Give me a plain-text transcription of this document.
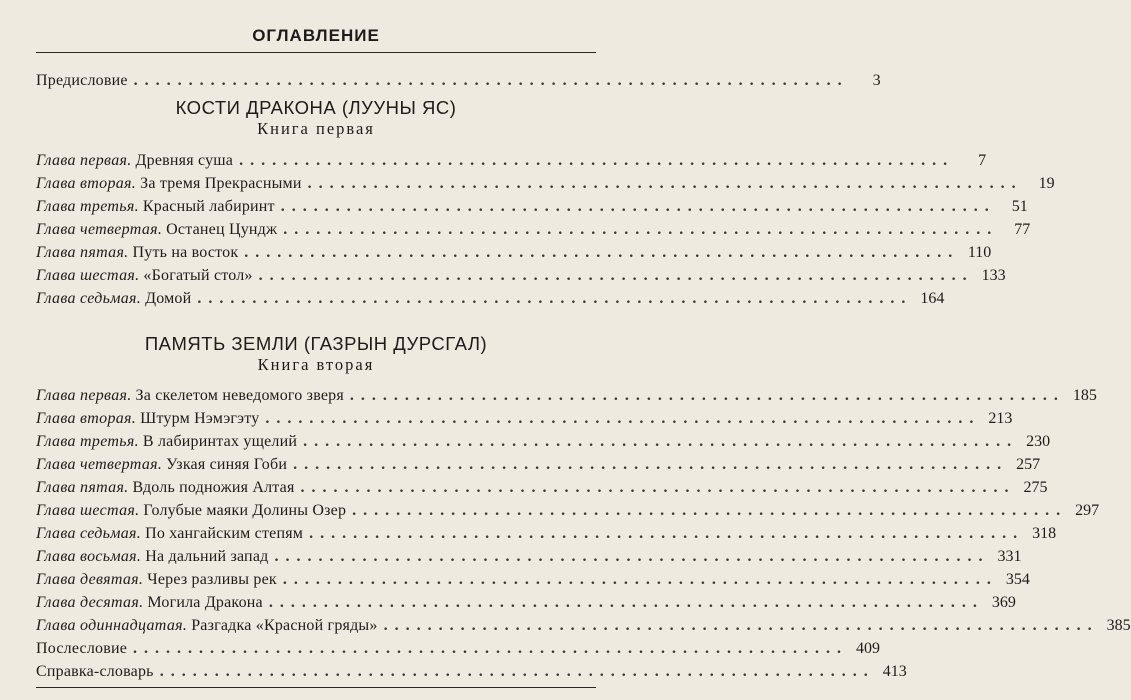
ОГЛАВЛЕНИЕ
Предисловие .................................................................	3
КОСТИ ДРАКОНА (ЛУУНЫ ЯС)
Книга первая
Глава первая. Древняя суша .................................................................	7
Глава вторая. За тремя Прекрасными .................................................................	19
Глава третья. Красный лабиринт .................................................................	51
Глава четвертая. Останец Цундж .................................................................	77
Глава пятая. Путь на восток ................................................................. 110
Глава шестая. «Богатый стол» ................................................................. 133
Глава седьмая. Домой ................................................................. 164
ПАМЯТЬ ЗЕМЛИ (ГАЗРЫН ДУРСГАЛ)
Книга вторая
Глава первая. За скелетом неведомого зверя ................................................................. 185
Глава вторая. Штурм Нэмэгэту ................................................................. 213
Глава третья. В лабиринтах ущелий ................................................................. 230
Глава четвертая. Узкая синяя Гоби ................................................................. 257
Глава пятая. Вдоль подножия Алтая ................................................................. 275
Глава шестая. Голубые маяки Долины Озер ................................................................. 297
Глава седьмая. По хангайским степям ................................................................. 318
Глава восьмая. На дальний запад ................................................................. 331
Глава девятая. Через разливы рек ................................................................. 354
Глава десятая. Могила Дракона ................................................................. 369
Глава одиннадцатая. Разгадка «Красной гряды» ................................................................. 385
Послесловие ................................................................. 409
Справка-словарь ................................................................. 413
